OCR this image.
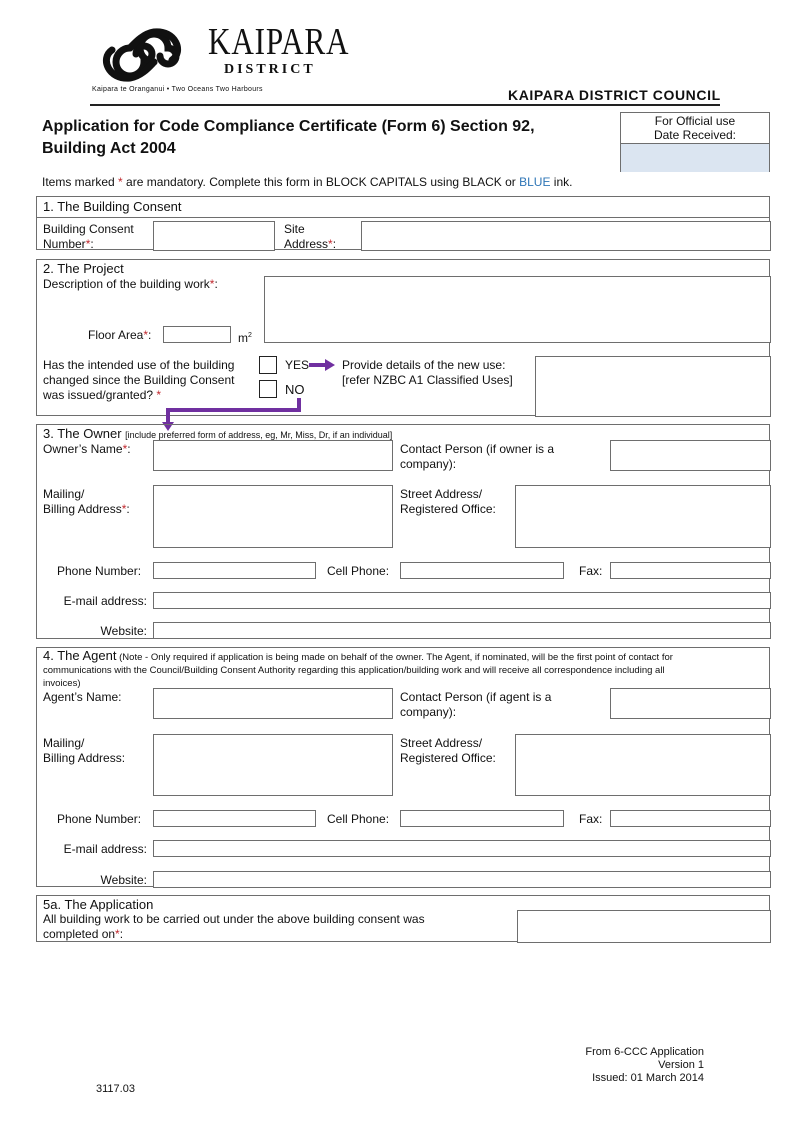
KAIPARA
DISTRICT
Kaipara te Oranganui • Two Oceans Two Harbours	KAIPARA DISTRICT COUNCIL
Application for Code Compliance Certificate (Form 6) Section 92, Building Act 2004
For Official use
Date Received:
Items marked * are mandatory. Complete this form in BLOCK CAPITALS using BLACK or BLUE ink.
1. The Building Consent
Building Consent
Number*:
Site
Address*:
2. The Project
Description of the building work*:
Floor Area*:	$m^2$
Has the intended use of the building
changed since the Building Consent
was issued/granted? *
YES
NO
Provide details of the new use:
[refer NZBC A1 Classified Uses]
3. The Owner [include preferred form of address, eg, Mr, Miss, Dr, if an individual]
Owner’s Name*:	Contact Person (if owner is a
company):
Mailing/
Billing Address*:
Street Address/
Registered Office:
Phone Number:	Cell Phone:	Fax:
E-mail address:
Website:
4. The Agent (Note - Only required if application is being made on behalf of the owner. The Agent, if nominated, will be the first point of contact for
communications with the Council/Building Consent Authority regarding this application/building work and will receive all correspondence including all
invoices)
Agent’s Name:	Contact Person (if agent is a
company):
Mailing/
Billing Address:
Street Address/
Registered Office:
Phone Number:	Cell Phone:	Fax:
E-mail address:
Website:
5a. The Application
All building work to be carried out under the above building consent was
completed on*:
From 6-CCC Application
Version 1
Issued: 01 March 2014
3117.03
